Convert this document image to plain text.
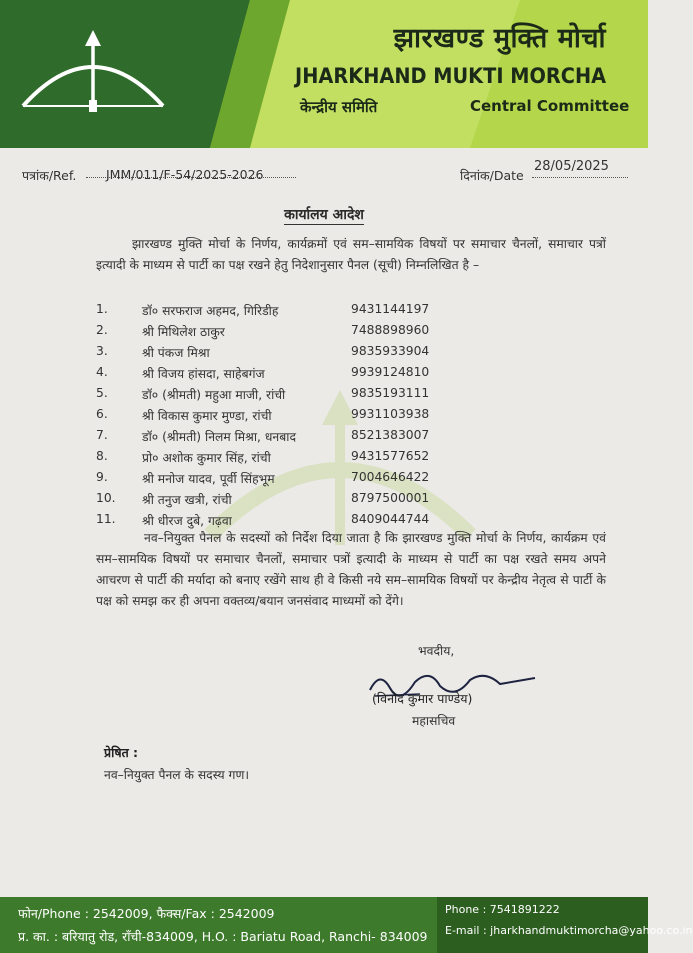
झारखण्ड मुक्ति मोर्चा
JHARKHAND MUKTI MORCHA
केन्द्रीय समिति	Central Committee
पत्रांक/Ref. JMM/011/F-54/2025-2026	दिनांक/Date
28/05/2025
कार्यालय आदेश
झारखण्ड मुक्ति मोर्चा के निर्णय, कार्यक्रमों एवं सम–सामयिक विषयों पर समाचार चैनलों, समाचार पत्रों इत्यादी के माध्यम से पार्टी का पक्ष रखने हेतु निदेशानुसार पैनल (सूची) निम्नलिखित है –
1.	डॉ० सरफराज अहमद, गिरिडीह	9431144197
2.	श्री मिथिलेश ठाकुर	7488898960
3.	श्री पंकज मिश्रा	9835933904
4.	श्री विजय हांसदा, साहेबगंज	9939124810
5.	डॉ० (श्रीमती) महुआ माजी, रांची	9835193111
6.	श्री विकास कुमार मुण्डा, रांची	9931103938
7.	डॉ० (श्रीमती) निलम मिश्रा, धनबाद	8521383007
8.	प्रो० अशोक कुमार सिंह, रांची	9431577652
9.	श्री मनोज यादव, पूर्वी सिंहभूम	7004646422
10. श्री तनुज खत्री, रांची	8797500001
11. श्री धीरज दुबे, गढ़वा	8409044744
नव–नियुक्त पैनल के सदस्यों को निर्देश दिया जाता है कि झारखण्ड मुक्ति मोर्चा के निर्णय, कार्यक्रम एवं सम–सामयिक विषयों पर समाचार चैनलों, समाचार पत्रों इत्यादी के माध्यम से पार्टी का पक्ष रखते समय अपने आचरण से पार्टी की मर्यादा को बनाए रखेंगे साथ ही वे किसी नये सम–सामयिक विषयों पर केन्द्रीय नेतृत्व से पार्टी के पक्ष को समझ कर ही अपना वक्तव्य/बयान जनसंवाद माध्यमों को देंगे।
भवदीय,
(विनोद कुमार पाण्डेय)
महासचिव
प्रेषित :
नव–नियुक्त पैनल के सदस्य गण।
फोन/Phone : 2542009, फैक्स/Fax : 2542009
प्र. का. : बरियातु रोड, राँची-834009, H.O. : Bariatu Road, Ranchi- 834009
Phone : 7541891222
E-mail : jharkhandmuktimorcha@yahoo.co.in
